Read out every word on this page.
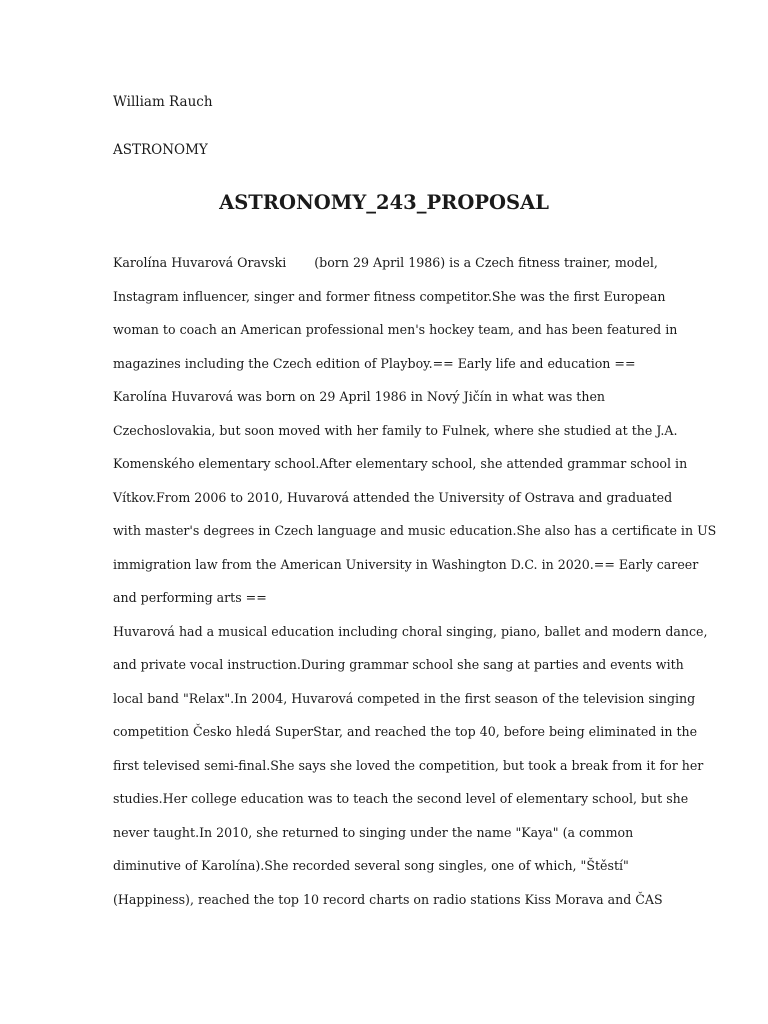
William Rauch
ASTRONOMY
ASTRONOMY_243_PROPOSAL
Karolína Huvarová Oravski       (born 29 April 1986) is a Czech fitness trainer, model,
Instagram influencer, singer and former fitness competitor.She was the first European
woman to coach an American professional men's hockey team, and has been featured in
magazines including the Czech edition of Playboy.== Early life and education ==
Karolína Huvarová was born on 29 April 1986 in Nový Jičín in what was then
Czechoslovakia, but soon moved with her family to Fulnek, where she studied at the J.A.
Komenského elementary school.After elementary school, she attended grammar school in
Vítkov.From 2006 to 2010, Huvarová attended the University of Ostrava and graduated
with master's degrees in Czech language and music education.She also has a certificate in US
immigration law from the American University in Washington D.C. in 2020.== Early career
and performing arts ==
Huvarová had a musical education including choral singing, piano, ballet and modern dance,
and private vocal instruction.During grammar school she sang at parties and events with
local band "Relax".In 2004, Huvarová competed in the first season of the television singing
competition Česko hledá SuperStar, and reached the top 40, before being eliminated in the
first televised semi-final.She says she loved the competition, but took a break from it for her
studies.Her college education was to teach the second level of elementary school, but she
never taught.In 2010, she returned to singing under the name "Kaya" (a common
diminutive of Karolína).She recorded several song singles, one of which, "Štěstí"
(Happiness), reached the top 10 record charts on radio stations Kiss Morava and ČAS
